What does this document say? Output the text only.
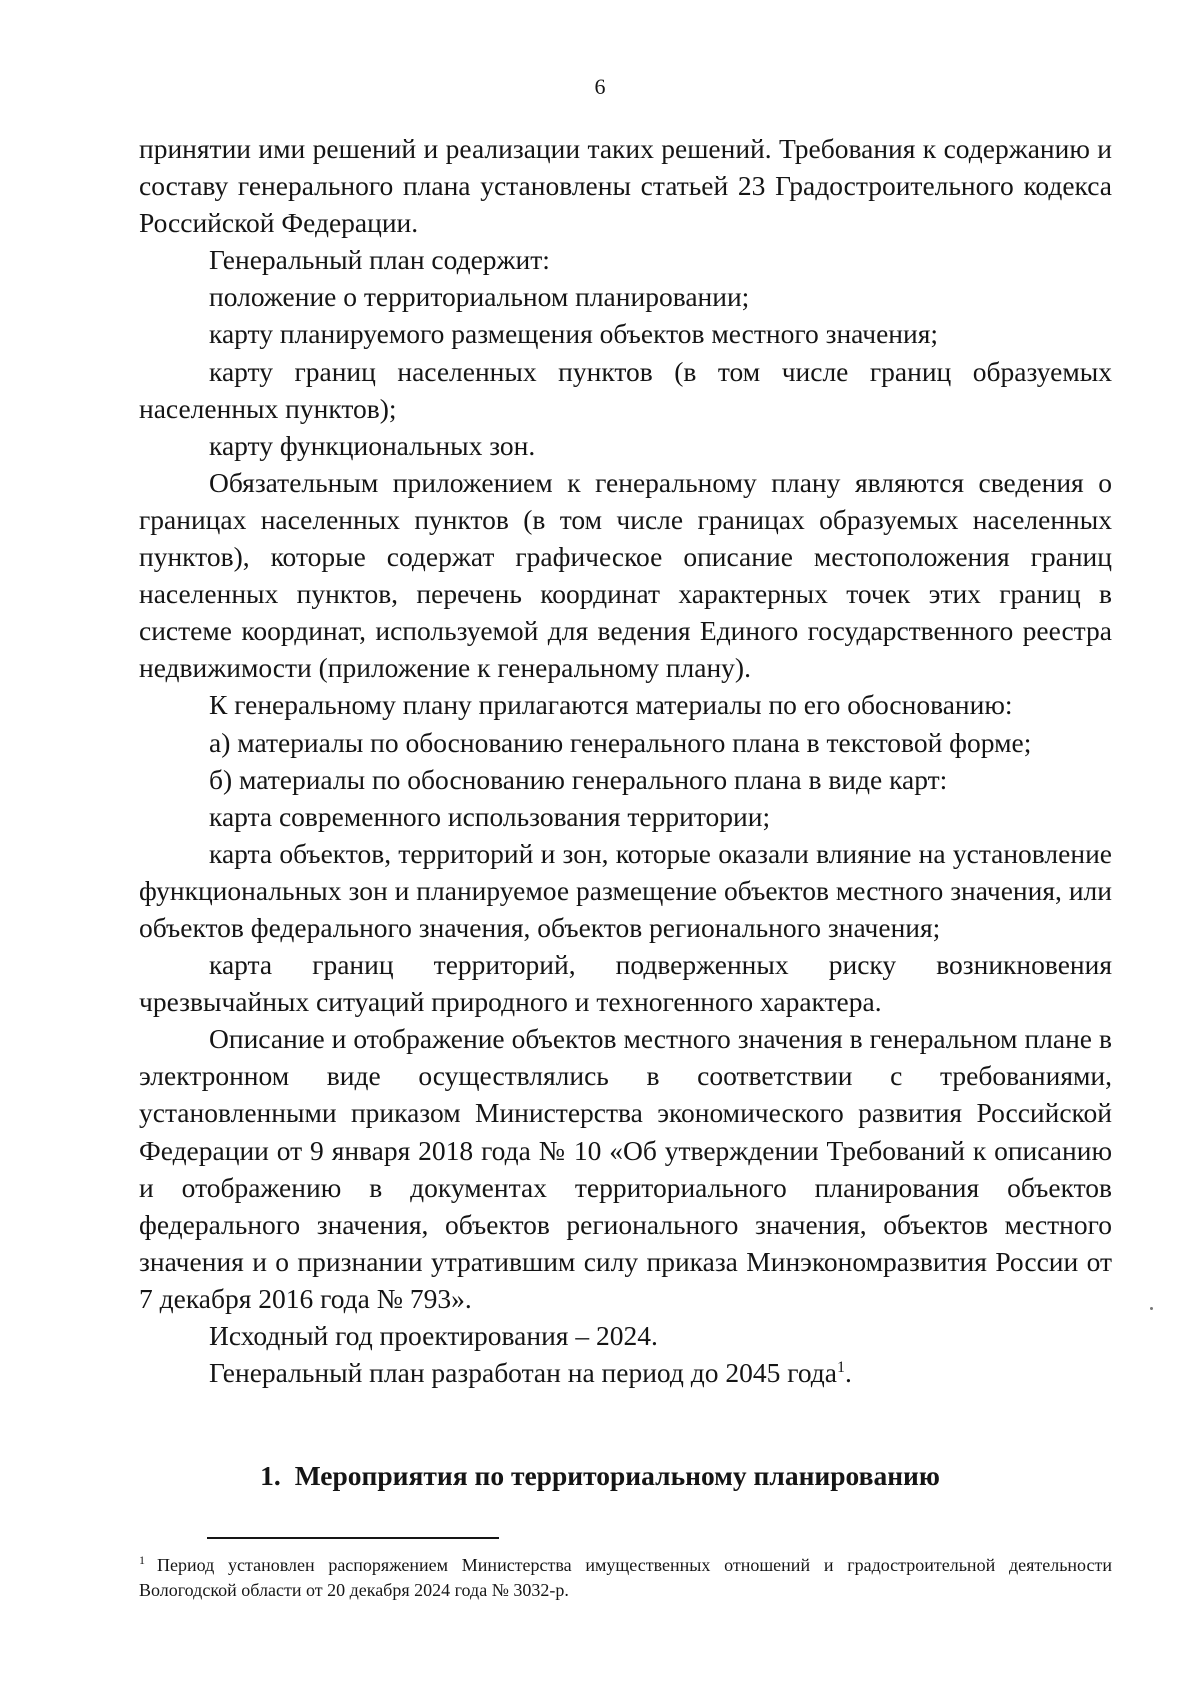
6

принятии ими решений и реализации таких решений. Требования к содержанию и составу генерального плана установлены статьей 23 Градостроительного кодекса Российской Федерации.

Генеральный план содержит:

положение о территориальном планировании;

карту планируемого размещения объектов местного значения;

карту границ населенных пунктов (в том числе границ образуемых населенных пунктов);

карту функциональных зон.

Обязательным приложением к генеральному плану являются сведения о границах населенных пунктов (в том числе границах образуемых населенных пунктов), которые содержат графическое описание местоположения границ населенных пунктов, перечень координат характерных точек этих границ в системе координат, используемой для ведения Единого государственного реестра недвижимости (приложение к генеральному плану).

К генеральному плану прилагаются материалы по его обоснованию:

а) материалы по обоснованию генерального плана в текстовой форме;

б) материалы по обоснованию генерального плана в виде карт:

карта современного использования территории;

карта объектов, территорий и зон, которые оказали влияние на установление функциональных зон и планируемое размещение объектов местного значения, или объектов федерального значения, объектов регионального значения;

карта границ территорий, подверженных риску возникновения чрезвычайных ситуаций природного и техногенного характера.

Описание и отображение объектов местного значения в генеральном плане в электронном виде осуществлялись в соответствии с требованиями, установленными приказом Министерства экономического развития Российской Федерации от 9 января 2018 года № 10 «Об утверждении Требований к описанию и отображению в документах территориального планирования объектов федерального значения, объектов регионального значения, объектов местного значения и о признании утратившим силу приказа Минэкономразвития России от 7 декабря 2016 года № 793».

Исходный год проектирования – 2024.

Генеральный план разработан на период до 2045 года$^1$.

1. Мероприятия по территориальному планированию
$^1$ Период установлен распоряжением Министерства имущественных отношений и градостроительной деятельности Вологодской области от 20 декабря 2024 года № 3032-р.
